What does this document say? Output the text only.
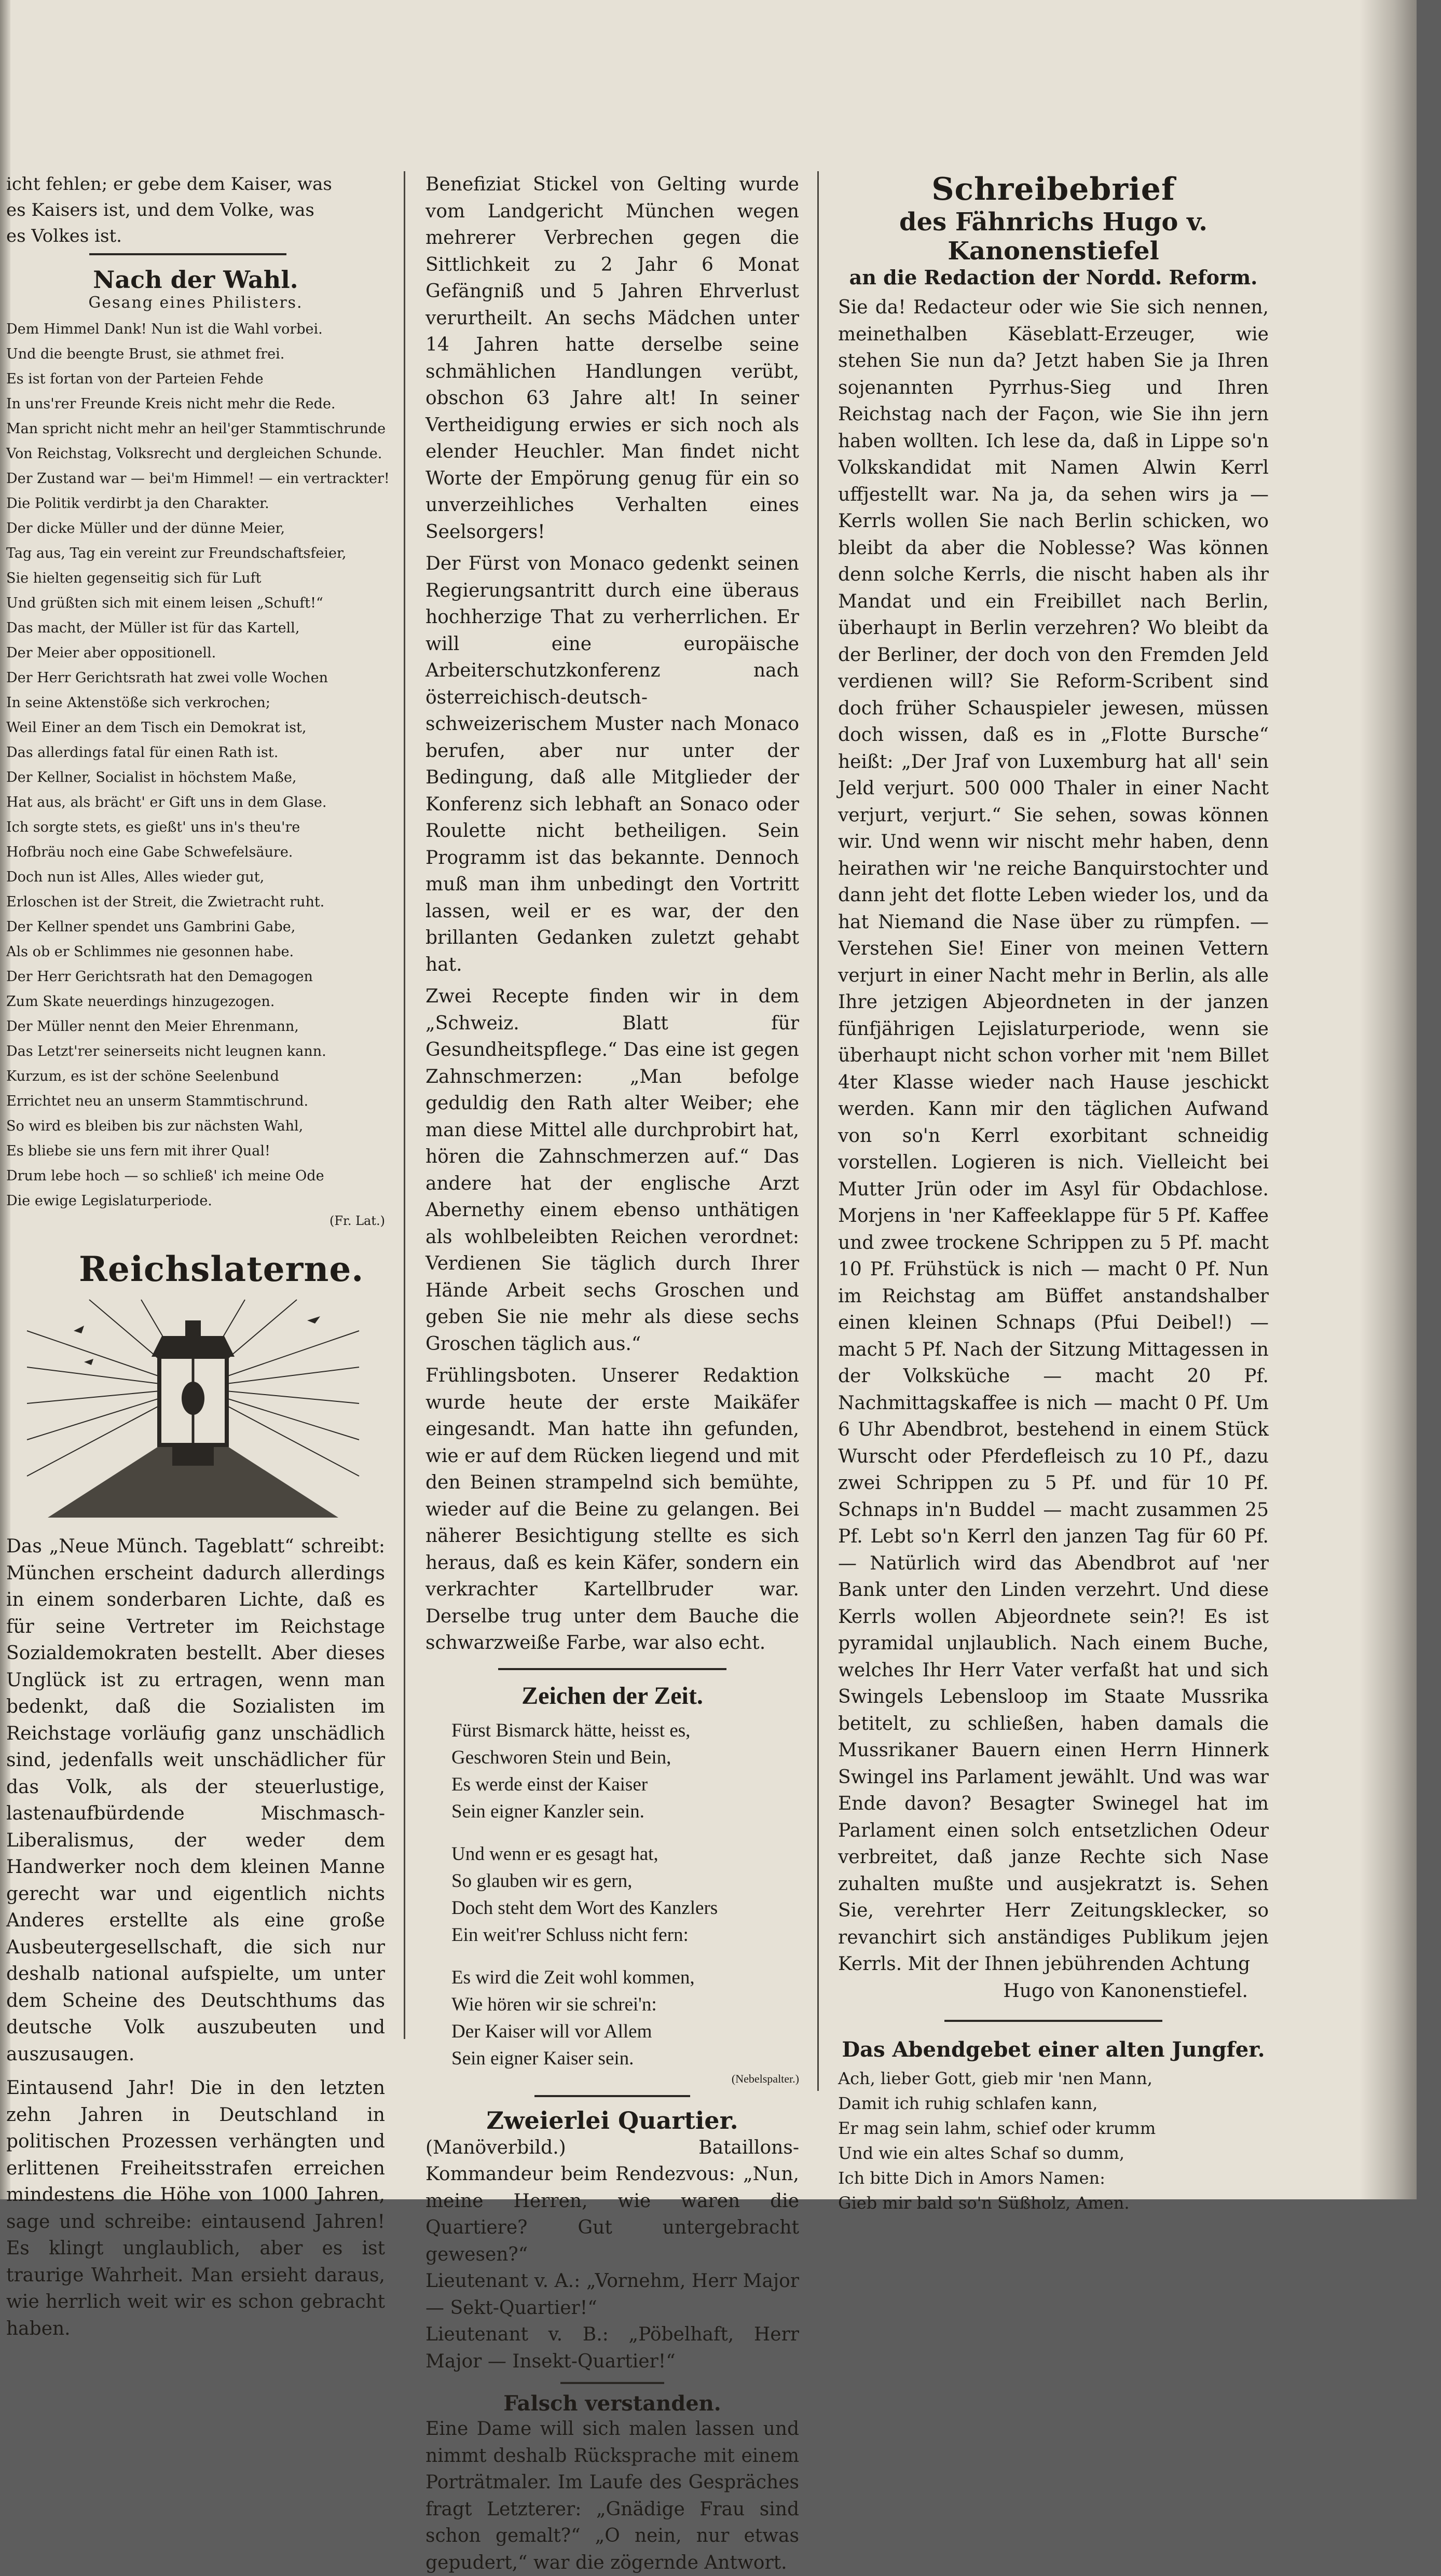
icht fehlen; er gebe dem Kaiser, was

es Kaisers ist, und dem Volke, was

es Volkes ist.

Nach der Wahl.

Gesang eines Philisters.

Dem Himmel Dank! Nun ist die Wahl vorbei.

Und die beengte Brust, sie athmet frei.

Es ist fortan von der Parteien Fehde

In uns'rer Freunde Kreis nicht mehr die Rede.

Man spricht nicht mehr an heil'ger Stammtischrunde

Von Reichstag, Volksrecht und dergleichen Schunde.

Der Zustand war — bei'm Himmel! — ein vertrackter!

Die Politik verdirbt ja den Charakter.

Der dicke Müller und der dünne Meier,

Tag aus, Tag ein vereint zur Freundschaftsfeier,

Sie hielten gegenseitig sich für Luft

Und grüßten sich mit einem leisen „Schuft!“

Das macht, der Müller ist für das Kartell,

Der Meier aber oppositionell.

Der Herr Gerichtsrath hat zwei volle Wochen

In seine Aktenstöße sich verkrochen;

Weil Einer an dem Tisch ein Demokrat ist,

Das allerdings fatal für einen Rath ist.

Der Kellner, Socialist in höchstem Maße,

Hat aus, als brächt' er Gift uns in dem Glase.

Ich sorgte stets, es gießt' uns in's theu're

Hofbräu noch eine Gabe Schwefelsäure.

Doch nun ist Alles, Alles wieder gut,

Erloschen ist der Streit, die Zwietracht ruht.

Der Kellner spendet uns Gambrini Gabe,

Als ob er Schlimmes nie gesonnen habe.

Der Herr Gerichtsrath hat den Demagogen

Zum Skate neuerdings hinzugezogen.

Der Müller nennt den Meier Ehrenmann,

Das Letzt'rer seinerseits nicht leugnen kann.

Kurzum, es ist der schöne Seelenbund

Errichtet neu an unserm Stammtischrund.

So wird es bleiben bis zur nächsten Wahl,

Es bliebe sie uns fern mit ihrer Qual!

Drum lebe hoch — so schließ' ich meine Ode

Die ewige Legislaturperiode.

(Fr. Lat.)

Reichslaterne.

Das „Neue Münch. Tageblatt“ schreibt: München erscheint dadurch allerdings in einem sonderbaren Lichte, daß es für seine Vertreter im Reichstage Sozialdemokraten bestellt. Aber dieses Unglück ist zu ertragen, wenn man bedenkt, daß die Sozialisten im Reichstage vorläufig ganz unschädlich sind, jedenfalls weit unschädlicher für das Volk, als der steuerlustige, lastenaufbürdende Mischmasch-Liberalismus, der weder dem Handwerker noch dem kleinen Manne gerecht war und eigentlich nichts Anderes erstellte als eine große Ausbeutergesellschaft, die sich nur deshalb national aufspielte, um unter dem Scheine des Deutschthums das deutsche Volk auszubeuten und auszusaugen.

Eintausend Jahr! Die in den letzten zehn Jahren in Deutschland in politischen Prozessen verhängten und erlittenen Freiheitsstrafen erreichen mindestens die Höhe von 1000 Jahren, sage und schreibe: eintausend Jahren! Es klingt unglaublich, aber es ist traurige Wahrheit. Man ersieht daraus, wie herrlich weit wir es schon gebracht haben.

Benefiziat Stickel von Gelting wurde vom Landgericht München wegen mehrerer Verbrechen gegen die Sittlichkeit zu 2 Jahr 6 Monat Gefängniß und 5 Jahren Ehrverlust verurtheilt. An sechs Mädchen unter 14 Jahren hatte derselbe seine schmählichen Handlungen verübt, obschon 63 Jahre alt! In seiner Vertheidigung erwies er sich noch als elender Heuchler. Man findet nicht Worte der Empörung genug für ein so unverzeihliches Verhalten eines Seelsorgers!

Der Fürst von Monaco gedenkt seinen Regierungsantritt durch eine überaus hochherzige That zu verherrlichen. Er will eine europäische Arbeiterschutzkonferenz nach österreichisch-deutsch-schweizerischem Muster nach Monaco berufen, aber nur unter der Bedingung, daß alle Mitglieder der Konferenz sich lebhaft an Sonaco oder Roulette nicht betheiligen. Sein Programm ist das bekannte. Dennoch muß man ihm unbedingt den Vortritt lassen, weil er es war, der den brillanten Gedanken zuletzt gehabt hat.

Zwei Recepte finden wir in dem „Schweiz. Blatt für Gesundheitspflege.“ Das eine ist gegen Zahnschmerzen: „Man befolge geduldig den Rath alter Weiber; ehe man diese Mittel alle durchprobirt hat, hören die Zahnschmerzen auf.“ Das andere hat der englische Arzt Abernethy einem ebenso unthätigen als wohlbeleibten Reichen verordnet: Verdienen Sie täglich durch Ihrer Hände Arbeit sechs Groschen und geben Sie nie mehr als diese sechs Groschen täglich aus.“

Frühlingsboten. Unserer Redaktion wurde heute der erste Maikäfer eingesandt. Man hatte ihn gefunden, wie er auf dem Rücken liegend und mit den Beinen strampelnd sich bemühte, wieder auf die Beine zu gelangen. Bei näherer Besichtigung stellte es sich heraus, daß es kein Käfer, sondern ein verkrachter Kartellbruder war. Derselbe trug unter dem Bauche die schwarzweiße Farbe, war also echt.

Zeichen der Zeit.

Fürst Bismarck hätte, heisst es,

Geschworen Stein und Bein,

Es werde einst der Kaiser

Sein eigner Kanzler sein.

Und wenn er es gesagt hat,

So glauben wir es gern,

Doch steht dem Wort des Kanzlers

Ein weit'rer Schluss nicht fern:

Es wird die Zeit wohl kommen,

Wie hören wir sie schrei'n:

Der Kaiser will vor Allem

Sein eigner Kaiser sein.

(Nebelspalter.)

Zweierlei Quartier.

(Manöverbild.) Bataillons-Kommandeur beim Rendezvous: „Nun, meine Herren, wie waren die Quartiere? Gut untergebracht gewesen?“

Lieutenant v. A.: „Vornehm, Herr Major — Sekt-Quartier!“

Lieutenant v. B.: „Pöbelhaft, Herr Major — Insekt-Quartier!“

Falsch verstanden.

Eine Dame will sich malen lassen und nimmt deshalb Rücksprache mit einem Porträtmaler. Im Laufe des Gespräches fragt Letzterer: „Gnädige Frau sind schon gemalt?“ „O nein, nur etwas gepudert,“ war die zögernde Antwort.

Schreibebrief

des Fähnrichs Hugo v. Kanonenstiefel

an die Redaction der Nordd. Reform.

Sie da! Redacteur oder wie Sie sich nennen, meinethalben Käseblatt-Erzeuger, wie stehen Sie nun da? Jetzt haben Sie ja Ihren sojenannten Pyrrhus-Sieg und Ihren Reichstag nach der Façon, wie Sie ihn jern haben wollten. Ich lese da, daß in Lippe so'n Volkskandidat mit Namen Alwin Kerrl uffjestellt war. Na ja, da sehen wirs ja — Kerrls wollen Sie nach Berlin schicken, wo bleibt da aber die Noblesse? Was können denn solche Kerrls, die nischt haben als ihr Mandat und ein Freibillet nach Berlin, überhaupt in Berlin verzehren? Wo bleibt da der Berliner, der doch von den Fremden Jeld verdienen will? Sie Reform-Scribent sind doch früher Schauspieler jewesen, müssen doch wissen, daß es in „Flotte Bursche“ heißt: „Der Jraf von Luxemburg hat all' sein Jeld verjurt. 500 000 Thaler in einer Nacht verjurt, verjurt.“ Sie sehen, sowas können wir. Und wenn wir nischt mehr haben, denn heirathen wir 'ne reiche Banquirstochter und dann jeht det flotte Leben wieder los, und da hat Niemand die Nase über zu rümpfen. — Verstehen Sie! Einer von meinen Vettern verjurt in einer Nacht mehr in Berlin, als alle Ihre jetzigen Abjeordneten in der janzen fünfjährigen Lejislaturperiode, wenn sie überhaupt nicht schon vorher mit 'nem Billet 4ter Klasse wieder nach Hause jeschickt werden. Kann mir den täglichen Aufwand von so'n Kerrl exorbitant schneidig vorstellen. Logieren is nich. Vielleicht bei Mutter Jrün oder im Asyl für Obdachlose. Morjens in 'ner Kaffeeklappe für 5 Pf. Kaffee und zwee trockene Schrippen zu 5 Pf. macht 10 Pf. Frühstück is nich — macht 0 Pf. Nun im Reichstag am Büffet anstandshalber einen kleinen Schnaps (Pfui Deibel!) — macht 5 Pf. Nach der Sitzung Mittagessen in der Volksküche — macht 20 Pf. Nachmittagskaffee is nich — macht 0 Pf. Um 6 Uhr Abendbrot, bestehend in einem Stück Wurscht oder Pferdefleisch zu 10 Pf., dazu zwei Schrippen zu 5 Pf. und für 10 Pf. Schnaps in'n Buddel — macht zusammen 25 Pf. Lebt so'n Kerrl den janzen Tag für 60 Pf. — Natürlich wird das Abendbrot auf 'ner Bank unter den Linden verzehrt. Und diese Kerrls wollen Abjeordnete sein?! Es ist pyramidal unjlaublich. Nach einem Buche, welches Ihr Herr Vater verfaßt hat und sich Swingels Lebensloop im Staate Mussrika betitelt, zu schließen, haben damals die Mussrikaner Bauern einen Herrn Hinnerk Swingel ins Parlament jewählt. Und was war Ende davon? Besagter Swinegel hat im Parlament einen solch entsetzlichen Odeur verbreitet, daß janze Rechte sich Nase zuhalten mußte und ausjekratzt is. Sehen Sie, verehrter Herr Zeitungsklecker, so revanchirt sich anständiges Publikum jejen Kerrls. Mit der Ihnen jebührenden Achtung

Hugo von Kanonenstiefel.

Das Abendgebet einer alten Jungfer.

Ach, lieber Gott, gieb mir 'nen Mann,

Damit ich ruhig schlafen kann,

Er mag sein lahm, schief oder krumm

Und wie ein altes Schaf so dumm,

Ich bitte Dich in Amors Namen:

Gieb mir bald so'n Süßholz, Amen.
